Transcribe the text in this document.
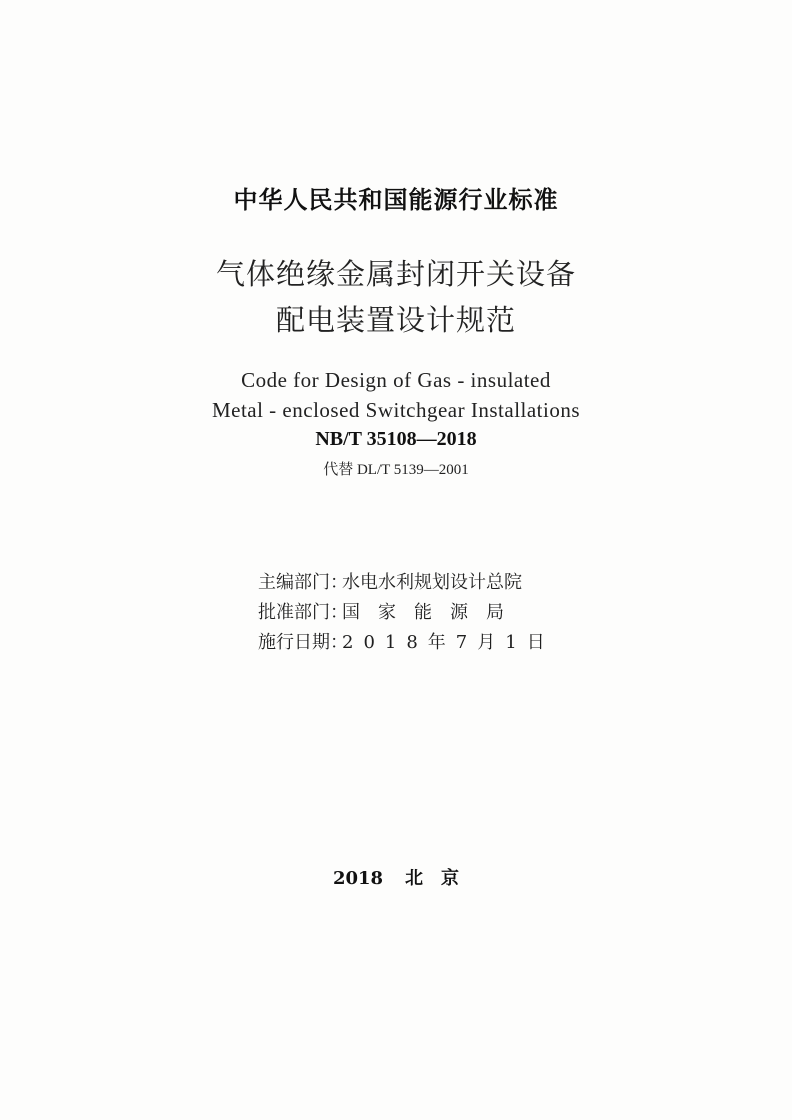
中华人民共和国能源行业标准
气体绝缘金属封闭开关设备
配电装置设计规范
Code for Design of Gas - insulated
Metal - enclosed Switchgear Installations
NB/T 35108—2018
代替 DL/T 5139—2001
主编部门：水电水利规划设计总院
批准部门：国家能源局
施行日期：2018年7月1日
2018 北京
